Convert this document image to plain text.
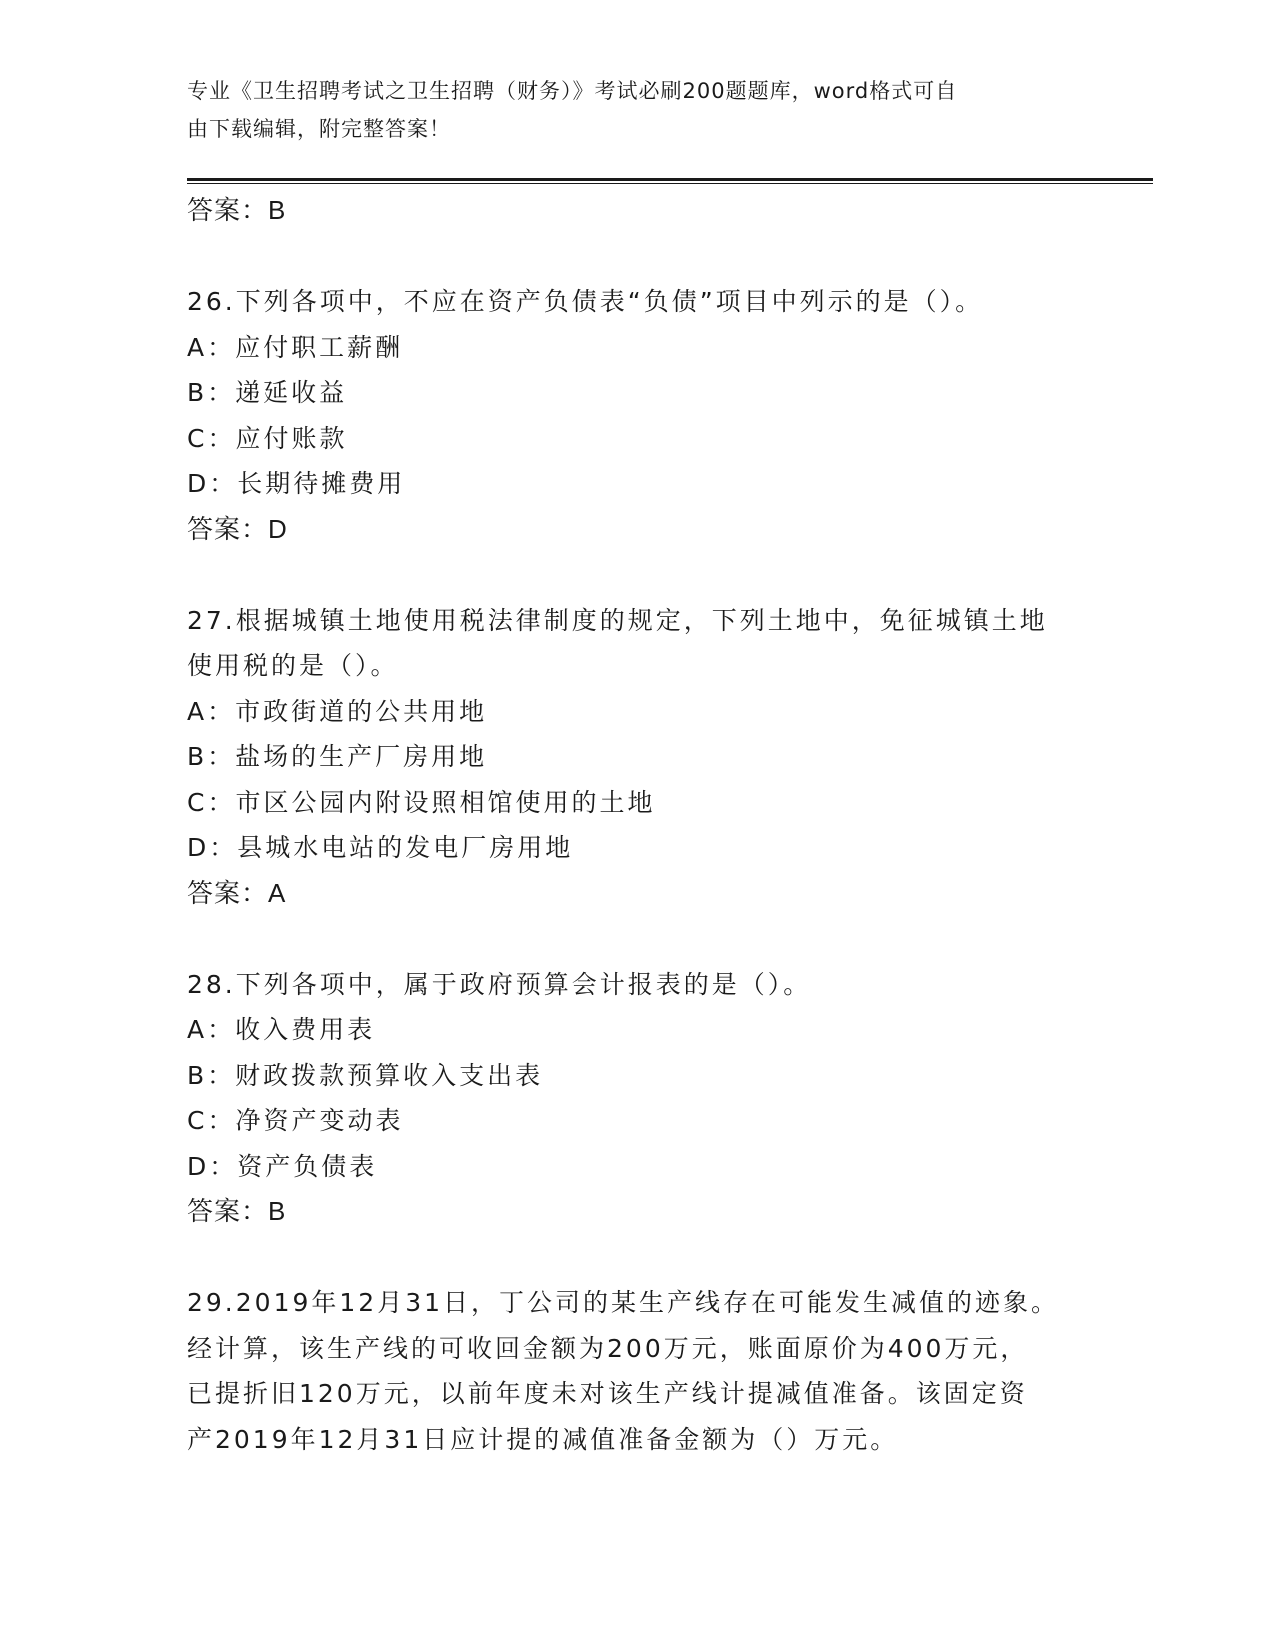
专业《卫生招聘考试之卫生招聘（财务）》考试必刷200题题库，word格式可自
由下载编辑，附完整答案！
答案：B
26.下列各项中，不应在资产负债表“负债”项目中列示的是（）。
A：应付职工薪酬
B：递延收益
C：应付账款
D：长期待摊费用
答案：D
27.根据城镇土地使用税法律制度的规定，下列土地中，免征城镇土地
使用税的是（）。
A：市政街道的公共用地
B：盐场的生产厂房用地
C：市区公园内附设照相馆使用的土地
D：县城水电站的发电厂房用地
答案：A
28.下列各项中，属于政府预算会计报表的是（）。
A：收入费用表
B：财政拨款预算收入支出表
C：净资产变动表
D：资产负债表
答案：B
29.2019年12月31日，丁公司的某生产线存在可能发生减值的迹象。
经计算，该生产线的可收回金额为200万元，账面原价为400万元，
已提折旧120万元，以前年度未对该生产线计提减值准备。该固定资
产2019年12月31日应计提的减值准备金额为（）万元。
